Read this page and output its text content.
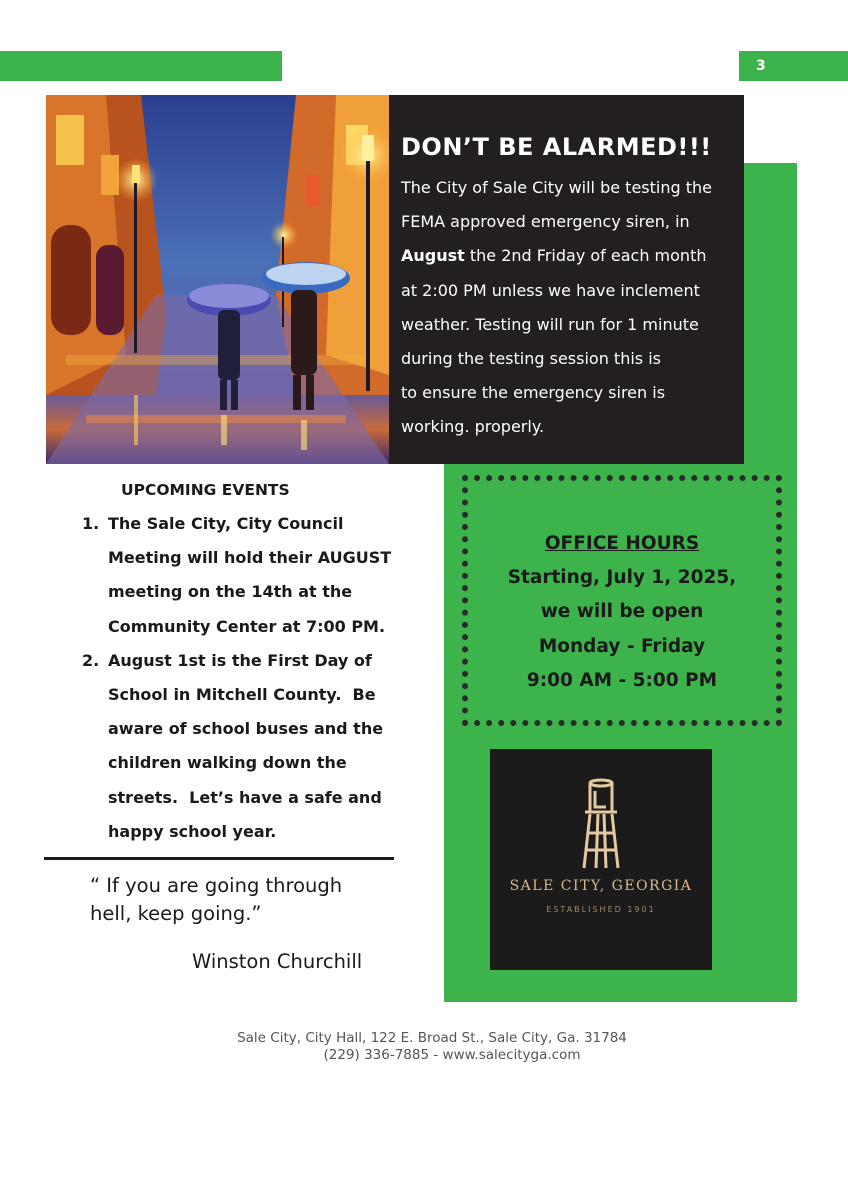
3
DON’T BE ALARMED!!!
The City of Sale City will be testing the
FEMA approved emergency siren, in
August the 2nd Friday of each month
at 2:00 PM unless we have inclement
weather. Testing will run for 1 minute
during the testing session this is
to ensure the emergency siren is
working. properly.
UPCOMING EVENTS
1. The Sale City, City Council
Meeting will hold their AUGUST
meeting on the 14th at the
Community Center at 7:00 PM.
2. August 1st is the First Day of
School in Mitchell County.  Be
aware of school buses and the
children walking down the
streets.  Let’s have a safe and
happy school year.
“ If you are going through
hell, keep going.”
Winston Churchill
OFFICE HOURS
Starting, July 1, 2025,
we will be open
Monday - Friday
9:00 AM - 5:00 PM
SALE CITY, GEORGIA
ESTABLISHED 1901
Sale City, City Hall, 122 E. Broad St., Sale City, Ga. 31784
(229) 336-7885 - www.salecityga.com
